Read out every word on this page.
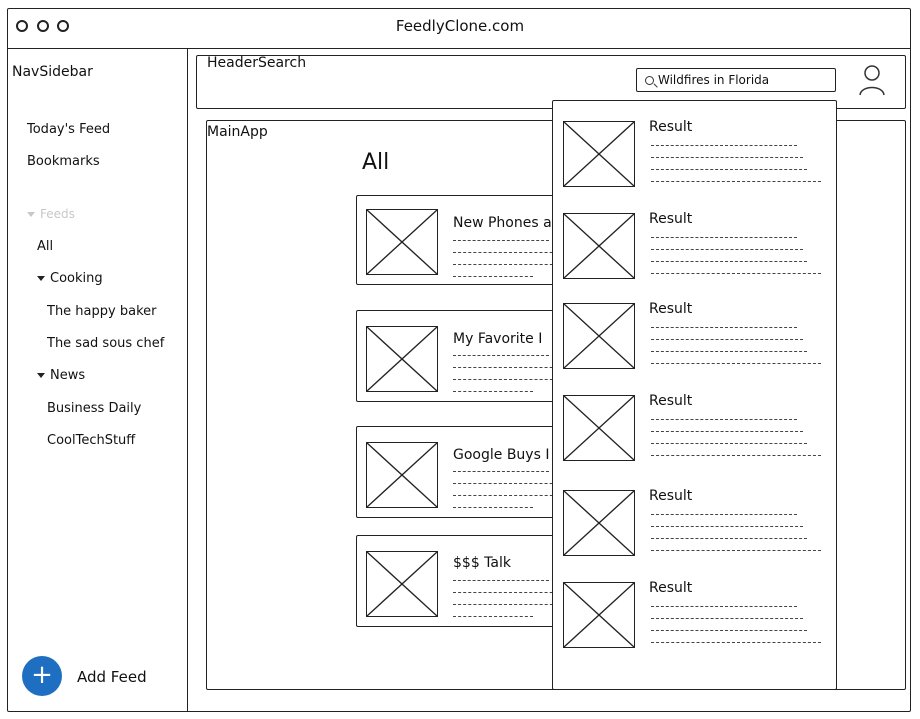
FeedlyClone.com
NavSidebar
Today's Feed
Bookmarks
Feeds
All
Cooking
The happy baker
The sad sous chef
News
Business Daily
CoolTechStuff
+	Add Feed
HeaderSearch
Wildfires in Florida
MainApp
All
New Phones a
My Favorite I
Google Buys I
$$$ Talk
Result
Result
Result
Result
Result
Result
